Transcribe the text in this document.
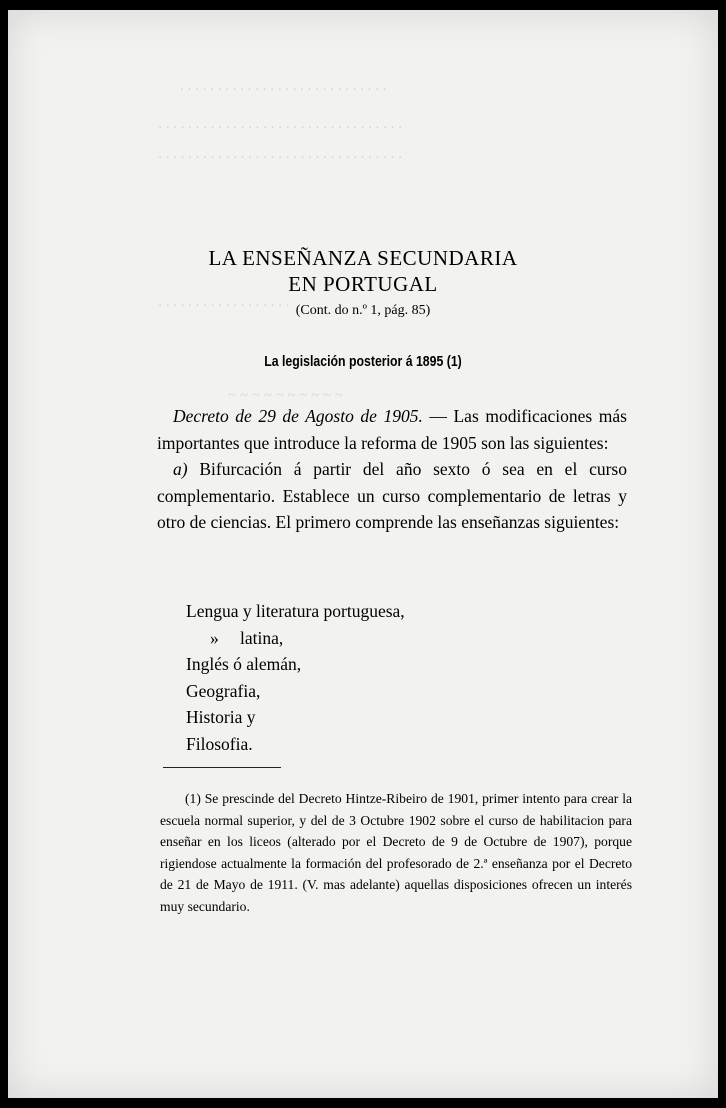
· · · · · · · · · · · · · · · · · · · · · · · · · · · ·
· · · · · · · · · · · · · · · · · · · · · · · · · · · · · · · · ·
· · · · · · · · · · · · · · · · · · · · · · · · · · · · · · · · ·
· · · · · · · · · · · · · · · · · ·
~ ~ ~ ~ ~ ~ ~ ~ ~ ~
LA ENSEÑANZA SECUNDARIA
EN PORTUGAL
(Cont. do n.º 1, pág. 85)
La legislación posterior á 1895 (1)

Decreto de 29 de Agosto de 1905. — Las modificaciones más importantes que introduce la reforma de 1905 son las siguientes:

a) Bifurcación á partir del año sexto ó sea en el curso complementario. Establece un curso complementario de letras y otro de ciencias. El primero comprende las enseñanzas siguientes:

Lengua y literatura portuguesa,
» latina,
Inglés ó alemán,
Geografia,
Historia y
Filosofia.

(1) Se prescinde del Decreto Hintze-Ribeiro de 1901, primer intento para crear la escuela normal superior, y del de 3 Octubre 1902 sobre el curso de habilitacion para enseñar en los liceos (alterado por el Decreto de 9 de Octubre de 1907), porque rigiendose actualmente la formación del profesorado de 2.ª enseñanza por el Decreto de 21 de Mayo de 1911. (V. mas adelante) aquellas disposiciones ofrecen un interés muy secundario.
